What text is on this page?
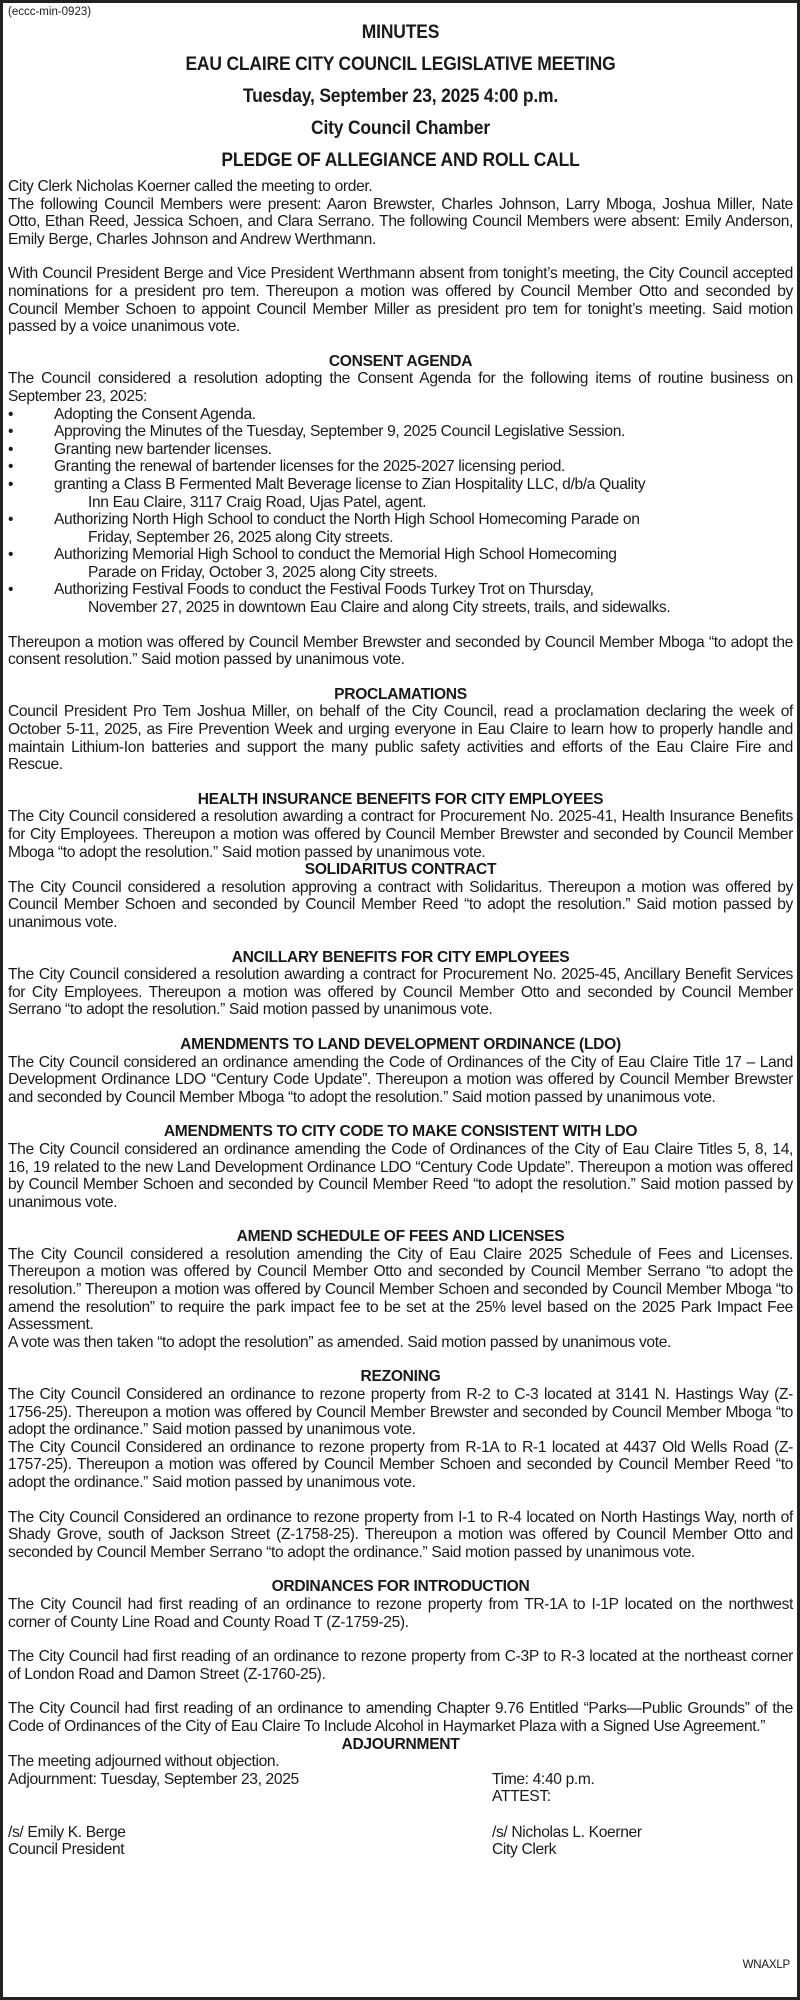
(eccc-min-0923)
MINUTES
EAU CLAIRE CITY COUNCIL LEGISLATIVE MEETING
Tuesday, September 23, 2025 4:00 p.m.
City Council Chamber
PLEDGE OF ALLEGIANCE AND ROLL CALL

City Clerk Nicholas Koerner called the meeting to order.

The following Council Members were present: Aaron Brewster, Charles Johnson, Larry Mboga, Joshua Miller, Nate Otto, Ethan Reed, Jessica Schoen, and Clara Serrano. The following Council Members were absent: Emily Anderson, Emily Berge, Charles Johnson and Andrew Werthmann.

With Council President Berge and Vice President Werthmann absent from tonight’s meeting, the City Council accepted nominations for a president pro tem. Thereupon a motion was offered by Council Member Otto and seconded by Council Member Schoen to appoint Council Member Miller as president pro tem for tonight’s meeting. Said motion passed by a voice unanimous vote.

CONSENT AGENDA

The Council considered a resolution adopting the Consent Agenda for the following items of routine business on September 23, 2025:

•	Adopting the Consent Agenda.
•	Approving the Minutes of the Tuesday, September 9, 2025 Council Legislative Session.
•	Granting new bartender licenses.
•	Granting the renewal of bartender licenses for the 2025-2027 licensing period.
•	granting a Class B Fermented Malt Beverage license to Zian Hospitality LLC, d/b/a Quality
Inn Eau Claire, 3117 Craig Road, Ujas Patel, agent.
•	Authorizing North High School to conduct the North High School Homecoming Parade on
Friday, September 26, 2025 along City streets.
•	Authorizing Memorial High School to conduct the Memorial High School Homecoming
Parade on Friday, October 3, 2025 along City streets.
•	Authorizing Festival Foods to conduct the Festival Foods Turkey Trot on Thursday,
November 27, 2025 in downtown Eau Claire and along City streets, trails, and sidewalks.

Thereupon a motion was offered by Council Member Brewster and seconded by Council Member Mboga “to adopt the consent resolution.” Said motion passed by unanimous vote.

PROCLAMATIONS

Council President Pro Tem Joshua Miller, on behalf of the City Council, read a proclamation declaring the week of October 5-11, 2025, as Fire Prevention Week and urging everyone in Eau Claire to learn how to properly handle and maintain Lithium-Ion batteries and support the many public safety activities and efforts of the Eau Claire Fire and Rescue.

HEALTH INSURANCE BENEFITS FOR CITY EMPLOYEES

The City Council considered a resolution awarding a contract for Procurement No. 2025-41, Health Insurance Benefits for City Employees. Thereupon a motion was offered by Council Member Brewster and seconded by Council Member Mboga “to adopt the resolution.” Said motion passed by unanimous vote.

SOLIDARITUS CONTRACT

The City Council considered a resolution approving a contract with Solidaritus. Thereupon a motion was offered by Council Member Schoen and seconded by Council Member Reed “to adopt the resolution.” Said motion passed by unanimous vote.

ANCILLARY BENEFITS FOR CITY EMPLOYEES

The City Council considered a resolution awarding a contract for Procurement No. 2025-45, Ancillary Benefit Services for City Employees. Thereupon a motion was offered by Council Member Otto and seconded by Council Member Serrano “to adopt the resolution.” Said motion passed by unanimous vote.

AMENDMENTS TO LAND DEVELOPMENT ORDINANCE (LDO)

The City Council considered an ordinance amending the Code of Ordinances of the City of Eau Claire Title 17 – Land Development Ordinance LDO “Century Code Update”. Thereupon a motion was offered by Council Member Brewster and seconded by Council Member Mboga “to adopt the resolution.” Said motion passed by unanimous vote.

AMENDMENTS TO CITY CODE TO MAKE CONSISTENT WITH LDO

The City Council considered an ordinance amending the Code of Ordinances of the City of Eau Claire Titles 5, 8, 14, 16, 19 related to the new Land Development Ordinance LDO “Century Code Update”. Thereupon a motion was offered by Council Member Schoen and seconded by Council Member Reed “to adopt the resolution.” Said motion passed by unanimous vote.

AMEND SCHEDULE OF FEES AND LICENSES

The City Council considered a resolution amending the City of Eau Claire 2025 Schedule of Fees and Licenses. Thereupon a motion was offered by Council Member Otto and seconded by Council Member Serrano “to adopt the resolution.” Thereupon a motion was offered by Council Member Schoen and seconded by Council Member Mboga “to amend the resolution” to require the park impact fee to be set at the 25% level based on the 2025 Park Impact Fee Assessment.

A vote was then taken “to adopt the resolution” as amended. Said motion passed by unanimous vote.

REZONING

The City Council Considered an ordinance to rezone property from R-2 to C-3 located at 3141 N. Hastings Way (Z-1756-25). Thereupon a motion was offered by Council Member Brewster and seconded by Council Member Mboga “to adopt the ordinance.” Said motion passed by unanimous vote.

The City Council Considered an ordinance to rezone property from R-1A to R-1 located at 4437 Old Wells Road (Z-1757-25). Thereupon a motion was offered by Council Member Schoen and seconded by Council Member Reed “to adopt the ordinance.” Said motion passed by unanimous vote.

The City Council Considered an ordinance to rezone property from I-1 to R-4 located on North Hastings Way, north of Shady Grove, south of Jackson Street (Z-1758-25). Thereupon a motion was offered by Council Member Otto and seconded by Council Member Serrano “to adopt the ordinance.” Said motion passed by unanimous vote.

ORDINANCES FOR INTRODUCTION

The City Council had first reading of an ordinance to rezone property from TR-1A to I-1P located on the northwest corner of County Line Road and County Road T (Z-1759-25).

The City Council had first reading of an ordinance to rezone property from C-3P to R-3 located at the northeast corner of London Road and Damon Street (Z-1760-25).

The City Council had first reading of an ordinance to amending Chapter 9.76 Entitled “Parks—Public Grounds” of the Code of Ordinances of the City of Eau Claire To Include Alcohol in Haymarket Plaza with a Signed Use Agreement.”

ADJOURNMENT

The meeting adjourned without objection.

Adjournment: Tuesday, September 23, 2025

/s/ Emily K. Berge
Council President
Time: 4:40 p.m.
ATTEST:

/s/ Nicholas L. Koerner
City Clerk
WNAXLP
